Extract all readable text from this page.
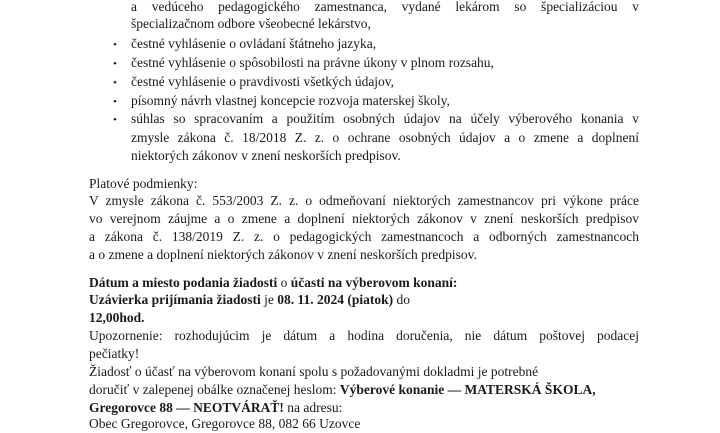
a vedúceho pedagogického zamestnanca, vydané lekárom so špecializáciou v
špecializačnom odbore všeobecné lekárstvo,
• čestné vyhlásenie o ovládaní štátneho jazyka,
• čestné vyhlásenie o spôsobilosti na právne úkony v plnom rozsahu,
• čestné vyhlásenie o pravdivosti všetkých údajov,
• písomný návrh vlastnej koncepcie rozvoja materskej školy,
• súhlas so spracovaním a použitím osobných údajov na účely výberového konania v
zmysle zákona č. 18/2018 Z. z. o ochrane osobných údajov a o zmene a doplnení
niektorých zákonov v znení neskorších predpisov.
Platové podmienky:
V zmysle zákona č. 553/2003 Z. z. o odmeňovaní niektorých zamestnancov pri výkone práce
vo verejnom záujme a o zmene a doplnení niektorých zákonov v znení neskorších predpisov
a zákona č. 138/2019 Z. z. o pedagogických zamestnancoch a odborných zamestnancoch
a o zmene a doplnení niektorých zákonov v znení neskorších predpisov.
Dátum a miesto podania žiadosti o účasti na výberovom konaní:
Uzávierka prijímania žiadosti je 08. 11. 2024 (piatok) do
12,00hod.
Upozornenie: rozhodujúcim je dátum a hodina doručenia, nie dátum poštovej podacej
pečiatky!
Žiadosť o účasť na výberovom konaní spolu s požadovanými dokladmi je potrebné
doručiť v zalepenej obálke označenej heslom: Výberové konanie — MATERSKÁ ŠKOLA,
Gregorovce 88 — NEOTVÁRAŤ! na adresu:
Obec Gregorovce, Gregorovce 88, 082 66 Uzovce
